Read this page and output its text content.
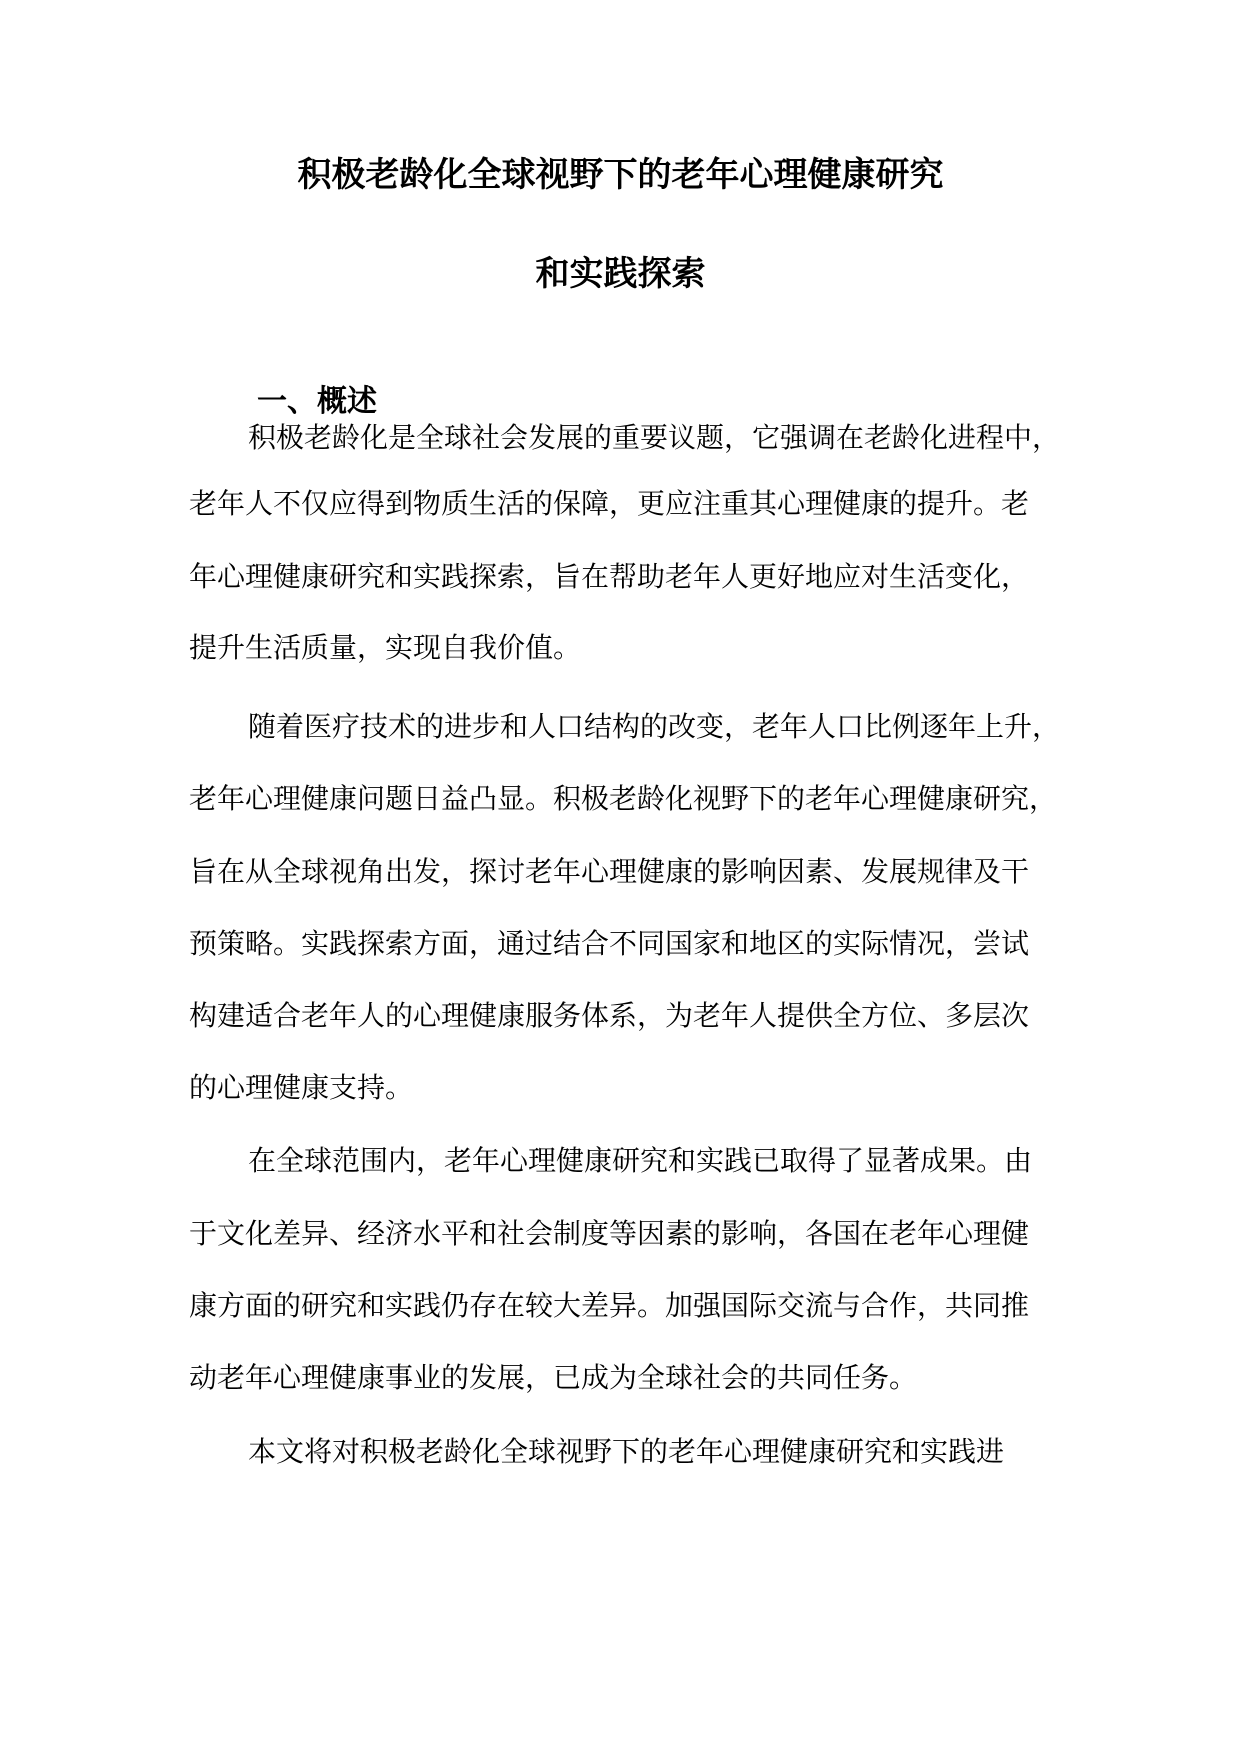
积极老龄化全球视野下的老年心理健康研究
和实践探索
一、概述
积极老龄化是全球社会发展的重要议题，它强调在老龄化进程中，
老年人不仅应得到物质生活的保障，更应注重其心理健康的提升。老
年心理健康研究和实践探索，旨在帮助老年人更好地应对生活变化，
提升生活质量，实现自我价值。
随着医疗技术的进步和人口结构的改变，老年人口比例逐年上升，
老年心理健康问题日益凸显。积极老龄化视野下的老年心理健康研究，
旨在从全球视角出发，探讨老年心理健康的影响因素、发展规律及干
预策略。实践探索方面，通过结合不同国家和地区的实际情况，尝试
构建适合老年人的心理健康服务体系，为老年人提供全方位、多层次
的心理健康支持。
在全球范围内，老年心理健康研究和实践已取得了显著成果。由
于文化差异、经济水平和社会制度等因素的影响，各国在老年心理健
康方面的研究和实践仍存在较大差异。加强国际交流与合作，共同推
动老年心理健康事业的发展，已成为全球社会的共同任务。
本文将对积极老龄化全球视野下的老年心理健康研究和实践进
